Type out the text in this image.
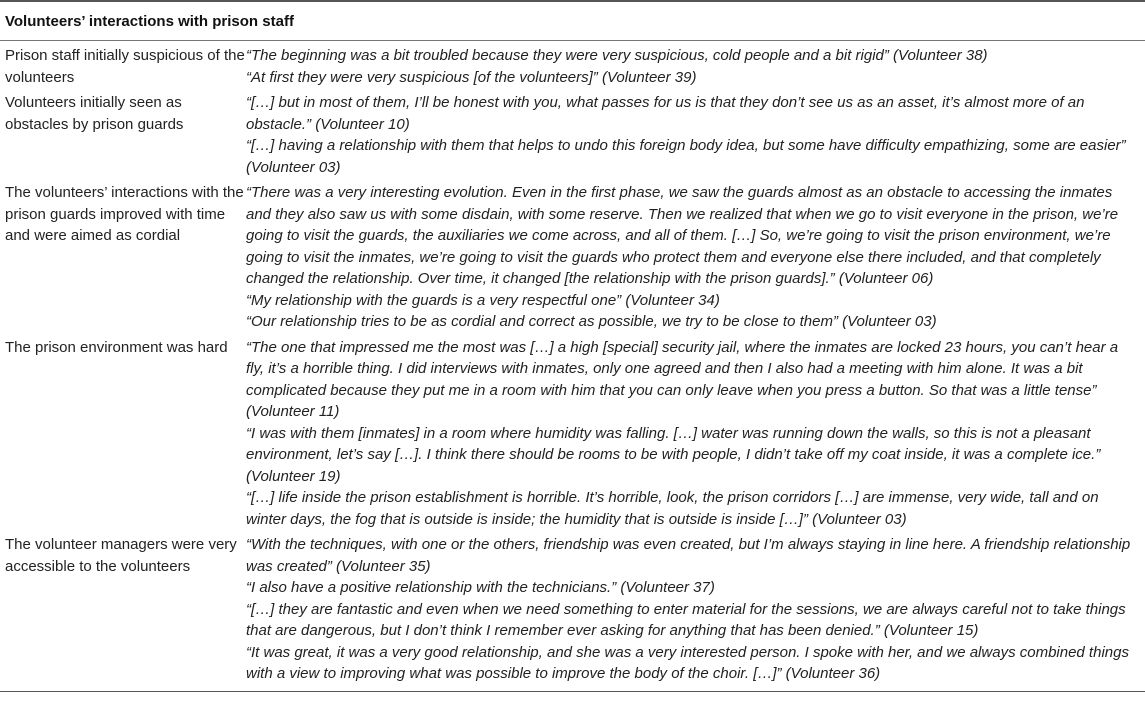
Volunteers’ interactions with prison staff
Prison staff initially suspicious of the volunteers

“The beginning was a bit troubled because they were very suspicious, cold people and a bit rigid” (Volunteer 38)

“At first they were very suspicious [of the volunteers]” (Volunteer 39)

Volunteers initially seen as obstacles by prison guards

“[…] but in most of them, I’ll be honest with you, what passes for us is that they don’t see us as an asset, it’s almost more of an obstacle.” (Volunteer 10)

“[…] having a relationship with them that helps to undo this foreign body idea, but some have difficulty empathizing, some are easier” (Volunteer 03)

The volunteers’ interactions with the prison guards improved with time and were aimed as cordial

“There was a very interesting evolution. Even in the first phase, we saw the guards almost as an obstacle to accessing the inmates and they also saw us with some disdain, with some reserve. Then we realized that when we go to visit everyone in the prison, we’re going to visit the guards, the auxiliaries we come across, and all of them. […] So, we’re going to visit the prison environment, we’re going to visit the inmates, we’re going to visit the guards who protect them and everyone else there included, and that completely changed the relationship. Over time, it changed [the relationship with the prison guards].” (Volunteer 06)

“My relationship with the guards is a very respectful one” (Volunteer 34)

“Our relationship tries to be as cordial and correct as possible, we try to be close to them” (Volunteer 03)

The prison environment was hard	“The one that impressed me the most was […] a high [special] security jail, where the inmates are locked 23 hours, you can’t hear a fly, it’s a horrible thing. I did interviews with inmates, only one agreed and then I also had a meeting with him alone. It was a bit complicated because they put me in a room with him that you can only leave when you press a button. So that was a little tense” (Volunteer 11)

“I was with them [inmates] in a room where humidity was falling. […] water was running down the walls, so this is not a pleasant environment, let’s say […]. I think there should be rooms to be with people, I didn’t take off my coat inside, it was a complete ice.” (Volunteer 19)

“[…] life inside the prison establishment is horrible. It’s horrible, look, the prison corridors […] are immense, very wide, tall and on winter days, the fog that is outside is inside; the humidity that is outside is inside […]” (Volunteer 03)

The volunteer managers were very accessible to the volunteers

“With the techniques, with one or the others, friendship was even created, but I’m always staying in line here. A friendship relationship was created” (Volunteer 35)

“I also have a positive relationship with the technicians.” (Volunteer 37)

“[…] they are fantastic and even when we need something to enter material for the sessions, we are always careful not to take things that are dangerous, but I don’t think I remember ever asking for anything that has been denied.” (Volunteer 15)

“It was great, it was a very good relationship, and she was a very interested person. I spoke with her, and we always combined things with a view to improving what was possible to improve the body of the choir. […]” (Volunteer 36)
